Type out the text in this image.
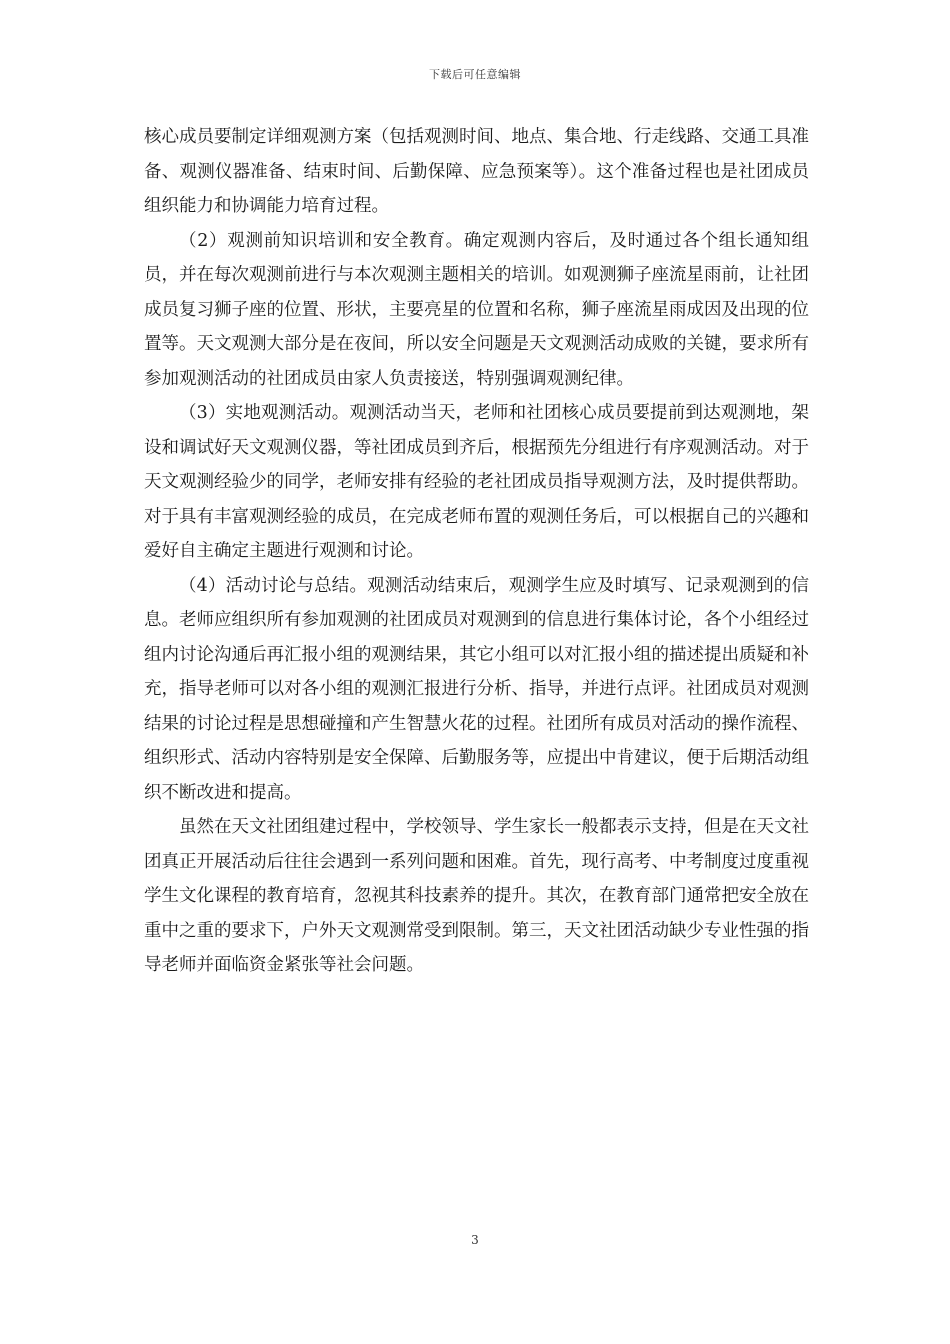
下载后可任意编辑

核心成员要制定详细观测方案（包括观测时间、地点、集合地、行走线路、交通工具准备、观测仪器准备、结束时间、后勤保障、应急预案等）。这个准备过程也是社团成员组织能力和协调能力培育过程。

（2）观测前知识培训和安全教育。确定观测内容后，及时通过各个组长通知组员，并在每次观测前进行与本次观测主题相关的培训。如观测狮子座流星雨前，让社团成员复习狮子座的位置、形状，主要亮星的位置和名称，狮子座流星雨成因及出现的位置等。天文观测大部分是在夜间，所以安全问题是天文观测活动成败的关键，要求所有参加观测活动的社团成员由家人负责接送，特别强调观测纪律。

（3）实地观测活动。观测活动当天，老师和社团核心成员要提前到达观测地，架设和调试好天文观测仪器，等社团成员到齐后，根据预先分组进行有序观测活动。对于天文观测经验少的同学，老师安排有经验的老社团成员指导观测方法，及时提供帮助。对于具有丰富观测经验的成员，在完成老师布置的观测任务后，可以根据自己的兴趣和爱好自主确定主题进行观测和讨论。

（4）活动讨论与总结。观测活动结束后，观测学生应及时填写、记录观测到的信息。老师应组织所有参加观测的社团成员对观测到的信息进行集体讨论，各个小组经过组内讨论沟通后再汇报小组的观测结果，其它小组可以对汇报小组的描述提出质疑和补充，指导老师可以对各小组的观测汇报进行分析、指导，并进行点评。社团成员对观测结果的讨论过程是思想碰撞和产生智慧火花的过程。社团所有成员对活动的操作流程、组织形式、活动内容特别是安全保障、后勤服务等，应提出中肯建议，便于后期活动组织不断改进和提高。

虽然在天文社团组建过程中，学校领导、学生家长一般都表示支持，但是在天文社团真正开展活动后往往会遇到一系列问题和困难。首先，现行高考、中考制度过度重视学生文化课程的教育培育，忽视其科技素养的提升。其次，在教育部门通常把安全放在重中之重的要求下，户外天文观测常受到限制。第三，天文社团活动缺少专业性强的指导老师并面临资金紧张等社会问题。

3
